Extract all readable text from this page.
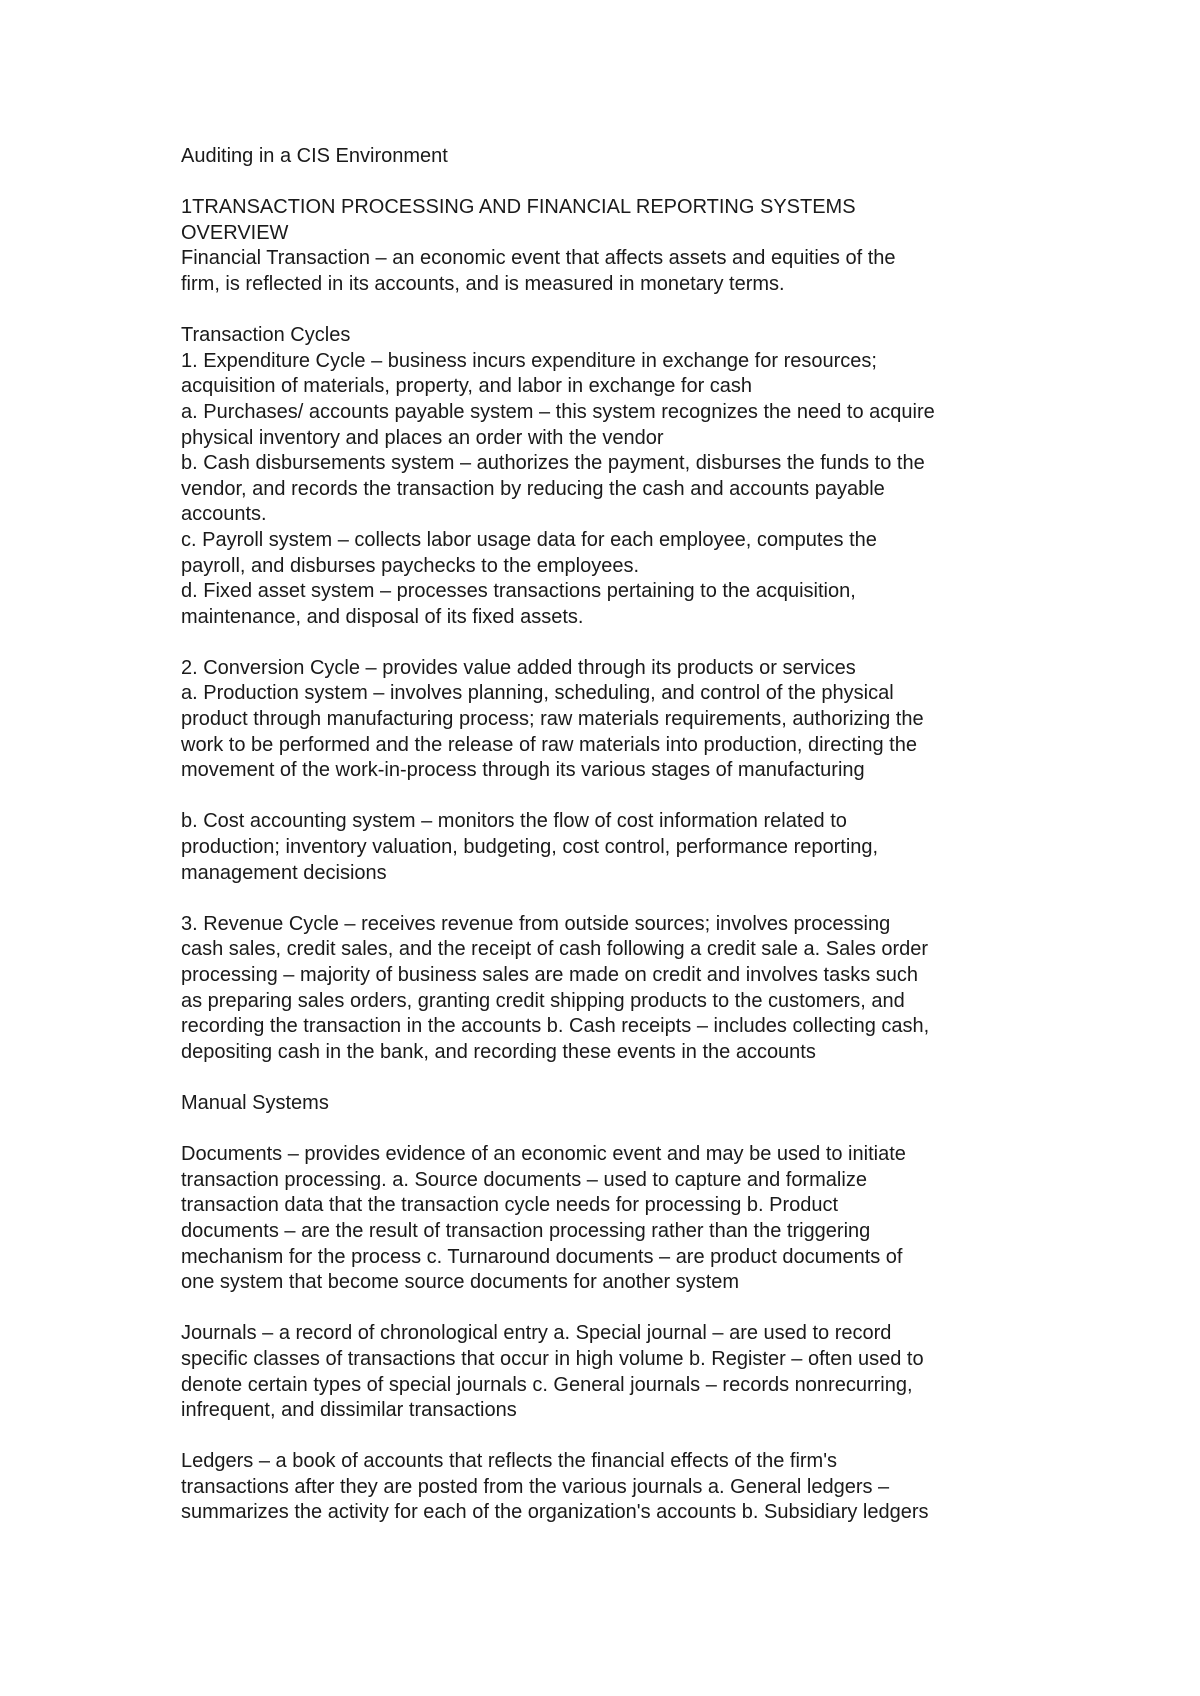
Auditing in a CIS Environment
1TRANSACTION PROCESSING AND FINANCIAL REPORTING SYSTEMS
OVERVIEW
Financial Transaction – an economic event that affects assets and equities of the
firm, is reflected in its accounts, and is measured in monetary terms.
Transaction Cycles
1. Expenditure Cycle – business incurs expenditure in exchange for resources;
acquisition of materials, property, and labor in exchange for cash
a. Purchases/ accounts payable system – this system recognizes the need to acquire
physical inventory and places an order with the vendor
b. Cash disbursements system – authorizes the payment, disburses the funds to the
vendor, and records the transaction by reducing the cash and accounts payable
accounts.
c. Payroll system – collects labor usage data for each employee, computes the
payroll, and disburses paychecks to the employees.
d. Fixed asset system – processes transactions pertaining to the acquisition,
maintenance, and disposal of its fixed assets.
2. Conversion Cycle – provides value added through its products or services
a. Production system – involves planning, scheduling, and control of the physical
product through manufacturing process; raw materials requirements, authorizing the
work to be performed and the release of raw materials into production, directing the
movement of the work-in-process through its various stages of manufacturing
b. Cost accounting system – monitors the flow of cost information related to
production; inventory valuation, budgeting, cost control, performance reporting,
management decisions
3. Revenue Cycle – receives revenue from outside sources; involves processing
cash sales, credit sales, and the receipt of cash following a credit sale a. Sales order
processing – majority of business sales are made on credit and involves tasks such
as preparing sales orders, granting credit shipping products to the customers, and
recording the transaction in the accounts b. Cash receipts – includes collecting cash,
depositing cash in the bank, and recording these events in the accounts
Manual Systems
Documents – provides evidence of an economic event and may be used to initiate
transaction processing. a. Source documents – used to capture and formalize
transaction data that the transaction cycle needs for processing b. Product
documents – are the result of transaction processing rather than the triggering
mechanism for the process c. Turnaround documents – are product documents of
one system that become source documents for another system
Journals – a record of chronological entry a. Special journal – are used to record
specific classes of transactions that occur in high volume b. Register – often used to
denote certain types of special journals c. General journals – records nonrecurring,
infrequent, and dissimilar transactions
Ledgers – a book of accounts that reflects the financial effects of the firm's
transactions after they are posted from the various journals a. General ledgers –
summarizes the activity for each of the organization's accounts b. Subsidiary ledgers
